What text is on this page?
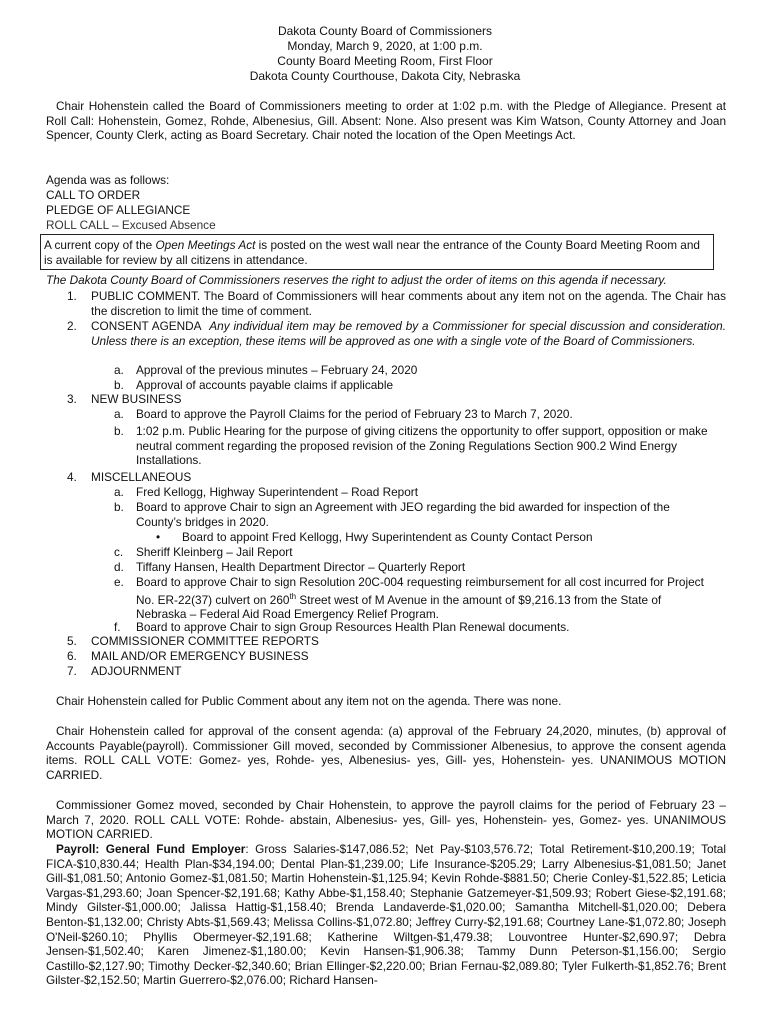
Dakota County Board of Commissioners
Monday, March 9, 2020, at 1:00 p.m.
County Board Meeting Room, First Floor
Dakota County Courthouse, Dakota City, Nebraska
Chair Hohenstein called the Board of Commissioners meeting to order at 1:02 p.m. with the Pledge of Allegiance. Present at Roll Call: Hohenstein, Gomez, Rohde, Albenesius, Gill. Absent: None. Also present was Kim Watson, County Attorney and Joan Spencer, County Clerk, acting as Board Secretary. Chair noted the location of the Open Meetings Act.
Agenda was as follows:
CALL TO ORDER
PLEDGE OF ALLEGIANCE
ROLL CALL – Excused Absence
A current copy of the Open Meetings Act is posted on the west wall near the entrance of the County Board Meeting Room and is available for review by all citizens in attendance.
The Dakota County Board of Commissioners reserves the right to adjust the order of items on this agenda if necessary.
1. PUBLIC COMMENT. The Board of Commissioners will hear comments about any item not on the agenda. The Chair has the discretion to limit the time of comment.
2. CONSENT AGENDA Any individual item may be removed by a Commissioner for special discussion and consideration. Unless there is an exception, these items will be approved as one with a single vote of the Board of Commissioners.
a. Approval of the previous minutes – February 24, 2020
b. Approval of accounts payable claims if applicable
3. NEW BUSINESS
a. Board to approve the Payroll Claims for the period of February 23 to March 7, 2020.
b. 1:02 p.m. Public Hearing for the purpose of giving citizens the opportunity to offer support, opposition or make neutral comment regarding the proposed revision of the Zoning Regulations Section 900.2 Wind Energy Installations.
4. MISCELLANEOUS
a. Fred Kellogg, Highway Superintendent – Road Report
b. Board to approve Chair to sign an Agreement with JEO regarding the bid awarded for inspection of the County’s bridges in 2020.
• Board to appoint Fred Kellogg, Hwy Superintendent as County Contact Person
c. Sheriff Kleinberg – Jail Report
d. Tiffany Hansen, Health Department Director – Quarterly Report
e. Board to approve Chair to sign Resolution 20C-004 requesting reimbursement for all cost incurred for Project No. ER-22(37) culvert on 260th Street west of M Avenue in the amount of $9,216.13 from the State of Nebraska – Federal Aid Road Emergency Relief Program.
f. Board to approve Chair to sign Group Resources Health Plan Renewal documents.
5. COMMISSIONER COMMITTEE REPORTS
6. MAIL AND/OR EMERGENCY BUSINESS
7. ADJOURNMENT
Chair Hohenstein called for Public Comment about any item not on the agenda. There was none.
Chair Hohenstein called for approval of the consent agenda: (a) approval of the February 24,2020, minutes, (b) approval of Accounts Payable(payroll). Commissioner Gill moved, seconded by Commissioner Albenesius, to approve the consent agenda items. ROLL CALL VOTE: Gomez- yes, Rohde- yes, Albenesius- yes, Gill- yes, Hohenstein- yes. UNANIMOUS MOTION CARRIED.
Commissioner Gomez moved, seconded by Chair Hohenstein, to approve the payroll claims for the period of February 23 – March 7, 2020. ROLL CALL VOTE: Rohde- abstain, Albenesius- yes, Gill- yes, Hohenstein- yes, Gomez- yes. UNANIMOUS MOTION CARRIED.
Payroll: General Fund Employer: Gross Salaries-$147,086.52; Net Pay-$103,576.72; Total Retirement-$10,200.19; Total FICA-$10,830.44; Health Plan-$34,194.00; Dental Plan-$1,239.00; Life Insurance-$205.29; Larry Albenesius-$1,081.50; Janet Gill-$1,081.50; Antonio Gomez-$1,081.50; Martin Hohenstein-$1,125.94; Kevin Rohde-$881.50; Cherie Conley-$1,522.85; Leticia Vargas-$1,293.60; Joan Spencer-$2,191.68; Kathy Abbe-$1,158.40; Stephanie Gatzemeyer-$1,509.93; Robert Giese-$2,191.68; Mindy Gilster-$1,000.00; Jalissa Hattig-$1,158.40; Brenda Landaverde-$1,020.00; Samantha Mitchell-$1,020.00; Debera Benton-$1,132.00; Christy Abts-$1,569.43; Melissa Collins-$1,072.80; Jeffrey Curry-$2,191.68; Courtney Lane-$1,072.80; Joseph O'Neil-$260.10; Phyllis Obermeyer-$2,191.68; Katherine Wiltgen-$1,479.38; Louvontree Hunter-$2,690.97; Debra Jensen-$1,502.40; Karen Jimenez-$1,180.00; Kevin Hansen-$1,906.38; Tammy Dunn Peterson-$1,156.00; Sergio Castillo-$2,127.90; Timothy Decker-$2,340.60; Brian Ellinger-$2,220.00; Brian Fernau-$2,089.80; Tyler Fulkerth-$1,852.76; Brent Gilster-$2,152.50; Martin Guerrero-$2,076.00; Richard Hansen-
